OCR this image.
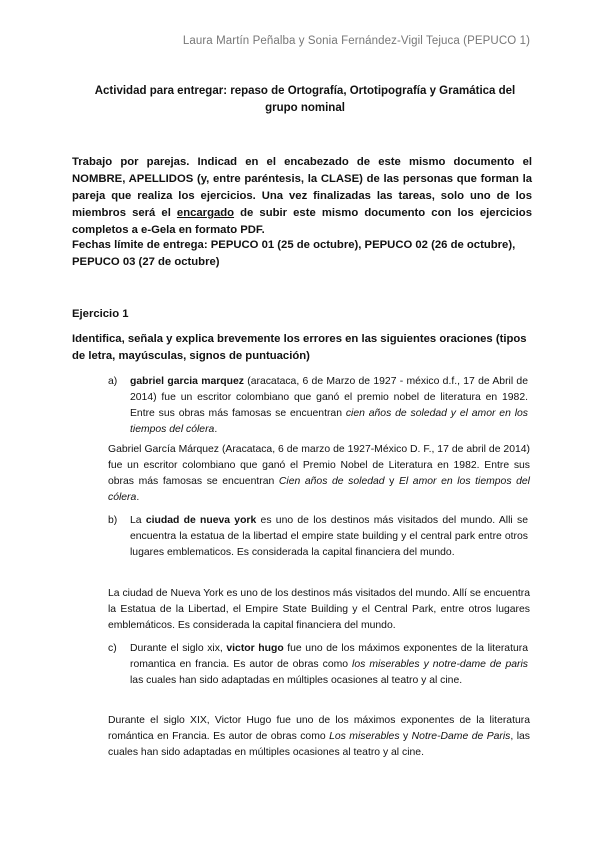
Laura Martín Peñalba y Sonia Fernández-Vigil Tejuca (PEPUCO 1)
Actividad para entregar: repaso de Ortografía, Ortotipografía y Gramática del grupo nominal
Trabajo por parejas. Indicad en el encabezado de este mismo documento el NOMBRE, APELLIDOS (y, entre paréntesis, la CLASE) de las personas que forman la pareja que realiza los ejercicios. Una vez finalizadas las tareas, solo uno de los miembros será el encargado de subir este mismo documento con los ejercicios completos a e-Gela en formato PDF.
Fechas límite de entrega: PEPUCO 01 (25 de octubre), PEPUCO 02 (26 de octubre), PEPUCO 03 (27 de octubre)
Ejercicio 1
Identifica, señala y explica brevemente los errores en las siguientes oraciones (tipos de letra, mayúsculas, signos de puntuación)
a) gabriel garcia marquez (aracataca, 6 de Marzo de 1927 - méxico d.f., 17 de Abril de 2014) fue un escritor colombiano que ganó el premio nobel de literatura en 1982. Entre sus obras más famosas se encuentran cien años de soledad y el amor en los tiempos del cólera.
Gabriel García Márquez (Aracataca, 6 de marzo de 1927-México D. F., 17 de abril de 2014) fue un escritor colombiano que ganó el Premio Nobel de Literatura en 1982. Entre sus obras más famosas se encuentran Cien años de soledad y El amor en los tiempos del cólera.
b) La ciudad de nueva york es uno de los destinos más visitados del mundo. Alli se encuentra la estatua de la libertad el empire state building y el central park entre otros lugares emblematicos. Es considerada la capital financiera del mundo.
La ciudad de Nueva York es uno de los destinos más visitados del mundo. Allí se encuentra la Estatua de la Libertad, el Empire State Building y el Central Park, entre otros lugares emblemáticos. Es considerada la capital financiera del mundo.
c) Durante el siglo xix, victor hugo fue uno de los máximos exponentes de la literatura romantica en francia. Es autor de obras como los miserables y notre-dame de paris las cuales han sido adaptadas en múltiples ocasiones al teatro y al cine.
Durante el siglo XIX, Victor Hugo fue uno de los máximos exponentes de la literatura romántica en Francia. Es autor de obras como Los miserables y Notre-Dame de Paris, las cuales han sido adaptadas en múltiples ocasiones al teatro y al cine.
